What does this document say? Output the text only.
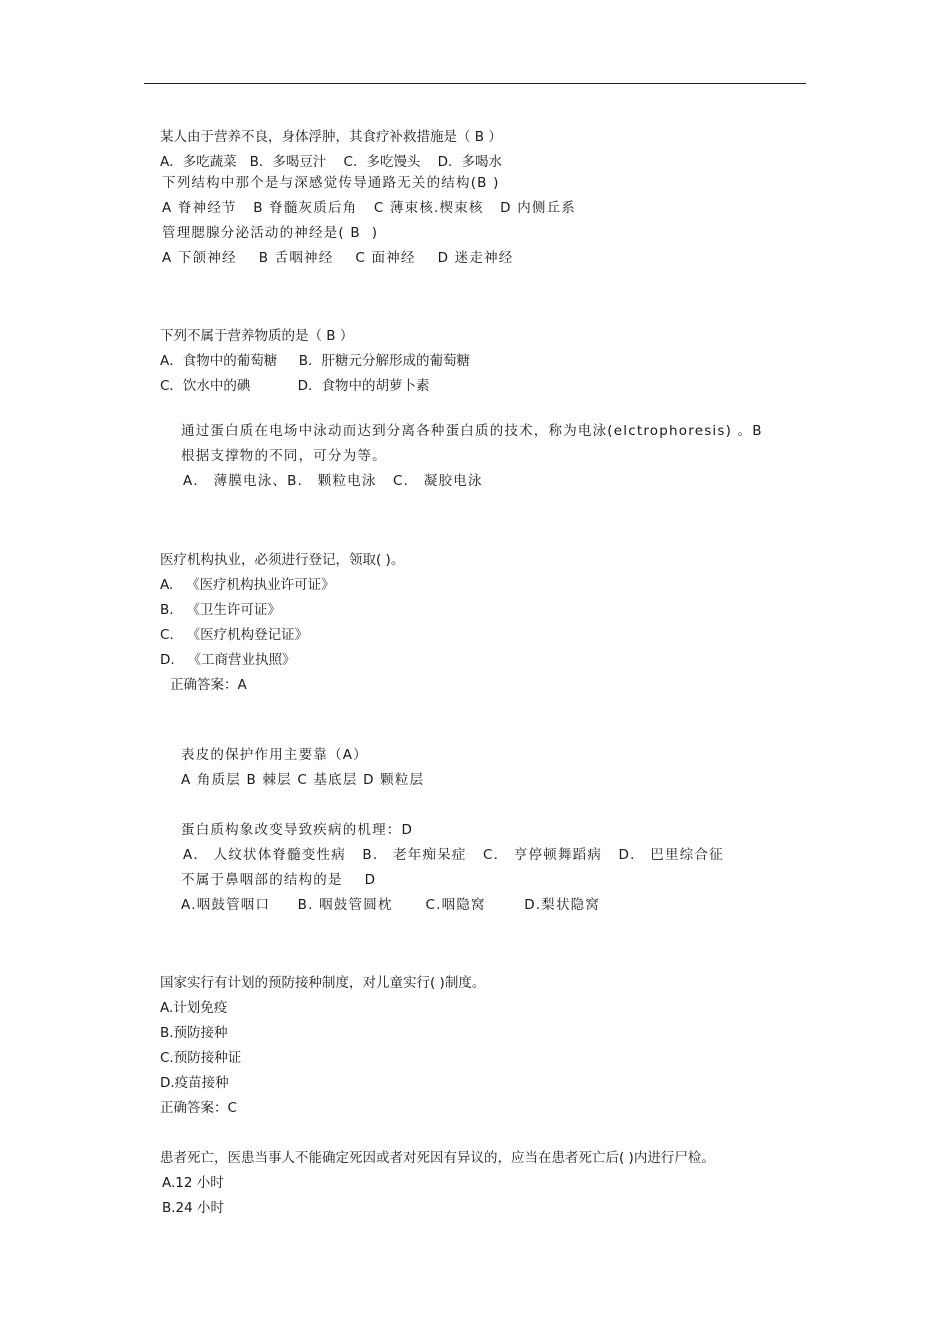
某人由于营养不良，身体浮肿，其食疗补救措施是（ B ）
A．多吃蔬菜   B．多喝豆汁    C．多吃馒头    D．多喝水
下列结构中那个是与深感觉传导通路无关的结构(B )
A 脊神经节   B 脊髓灰质后角   C 薄束核.楔束核   D 内侧丘系
管理腮腺分泌活动的神经是( B  )
A 下颌神经    B 舌咽神经    C 面神经    D 迷走神经
下列不属于营养物质的是（ B ）
A．食物中的葡萄糖     B．肝糖元分解形成的葡萄糖
C．饮水中的碘           D．食物中的胡萝卜素
通过蛋白质在电场中泳动而达到分离各种蛋白质的技术，称为电泳(elctrophoresis) 。B
根据支撑物的不同，可分为等。
A． 薄膜电泳、B． 颗粒电泳   C． 凝胶电泳
医疗机构执业，必须进行登记，领取( )。
A.   《医疗机构执业许可证》
B.   《卫生许可证》
C.   《医疗机构登记证》
D.   《工商营业执照》
正确答案：A
表皮的保护作用主要靠（A）
A 角质层 B 棘层 C 基底层 D 颗粒层
蛋白质构象改变导致疾病的机理：D
A． 人纹状体脊髓变性病   B． 老年痴呆症   C． 亨停顿舞蹈病   D． 巴里综合征
不属于鼻咽部的结构的是    D
A.咽鼓管咽口     B. 咽鼓管圆枕      C.咽隐窝       D.梨状隐窝
国家实行有计划的预防接种制度，对儿童实行( )制度。
A.计划免疫
B.预防接种
C.预防接种证
D.疫苗接种
正确答案：C
患者死亡，医患当事人不能确定死因或者对死因有异议的，应当在患者死亡后( )内进行尸检。
A.12 小时
B.24 小时
